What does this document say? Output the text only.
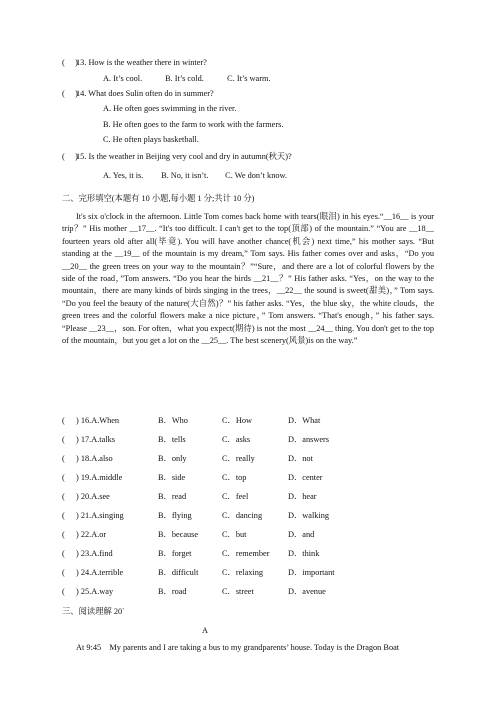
(     )
13. How is the weather there in winter?
A. It’s cool.	B. It’s cold.	C. It’s warm.
(     )
14. What does Sulin often do in summer?
A. He often goes swimming in the river.
B. He often goes to the farm to work with the farmers.
C. He often plays basketball.
(     )
15. Is the weather in Beijing very cool and dry in autumn(秋天)?
A. Yes, it is. B. No, it isn’t. C. We don’t know.
二、完形填空(本题有 10 小题,每小题 1 分;共计 10 分)

It's six o'clock in the afternoon. Little Tom comes back home with tears(眼泪) in his eyes.“__16__ is your trip？” His mother __17__. “It's too difficult. I can't get to the top(顶部) of the mountain.” “You are __18__ fourteen years old after all(毕竟). You will have another chance(机会) next time,” his mother says. “But standing at the __19__ of the mountain is my dream,” Tom says. His father comes over and asks，“Do you __20__ the green trees on your way to the mountain？”“Sure，and there are a lot of colorful flowers by the side of the road，”Tom answers. “Do you hear the birds __21__？” His father asks. “Yes，on the way to the mountain，there are many kinds of birds singing in the trees，__22__ the sound is sweet(甜美)，” Tom says. “Do you feel the beauty of the nature(大自然)？” his father asks. “Yes，the blue sky，the white clouds，the green trees and the colorful flowers make a nice picture，” Tom answers. “That's enough，” his father says. “Please __23__，son. For often，what you expect(期待) is not the most __24__ thing. You don't get to the top of the mountain，but you get a lot on the __25__. The best scenery(风景)is on the way.”

( ) 16.A.When	B．Who	C．How	D．What
( ) 17.A.talks	B．tells	C．asks	D．answers
( ) 18.A.also	B．only	C．really	D．not
( ) 19.A.middle	B．side	C．top	D．center
( ) 20.A.see	B．read	C．feel	D．hear
( ) 21.A.singing	B．flying	C．dancing	D．walking
( ) 22.A.or	B．because	C．but	D．and
( ) 23.A.find	B．forget	C．remember D．think
( ) 24.A.terrible	B．difficult	C．relaxing	D．important
( ) 25.A.way	B．road	C．street	D．avenue
三、阅读理解 20`
A

At 9:45　My parents and I are taking a bus to my grandparents’ house. Today is the Dragon Boat
